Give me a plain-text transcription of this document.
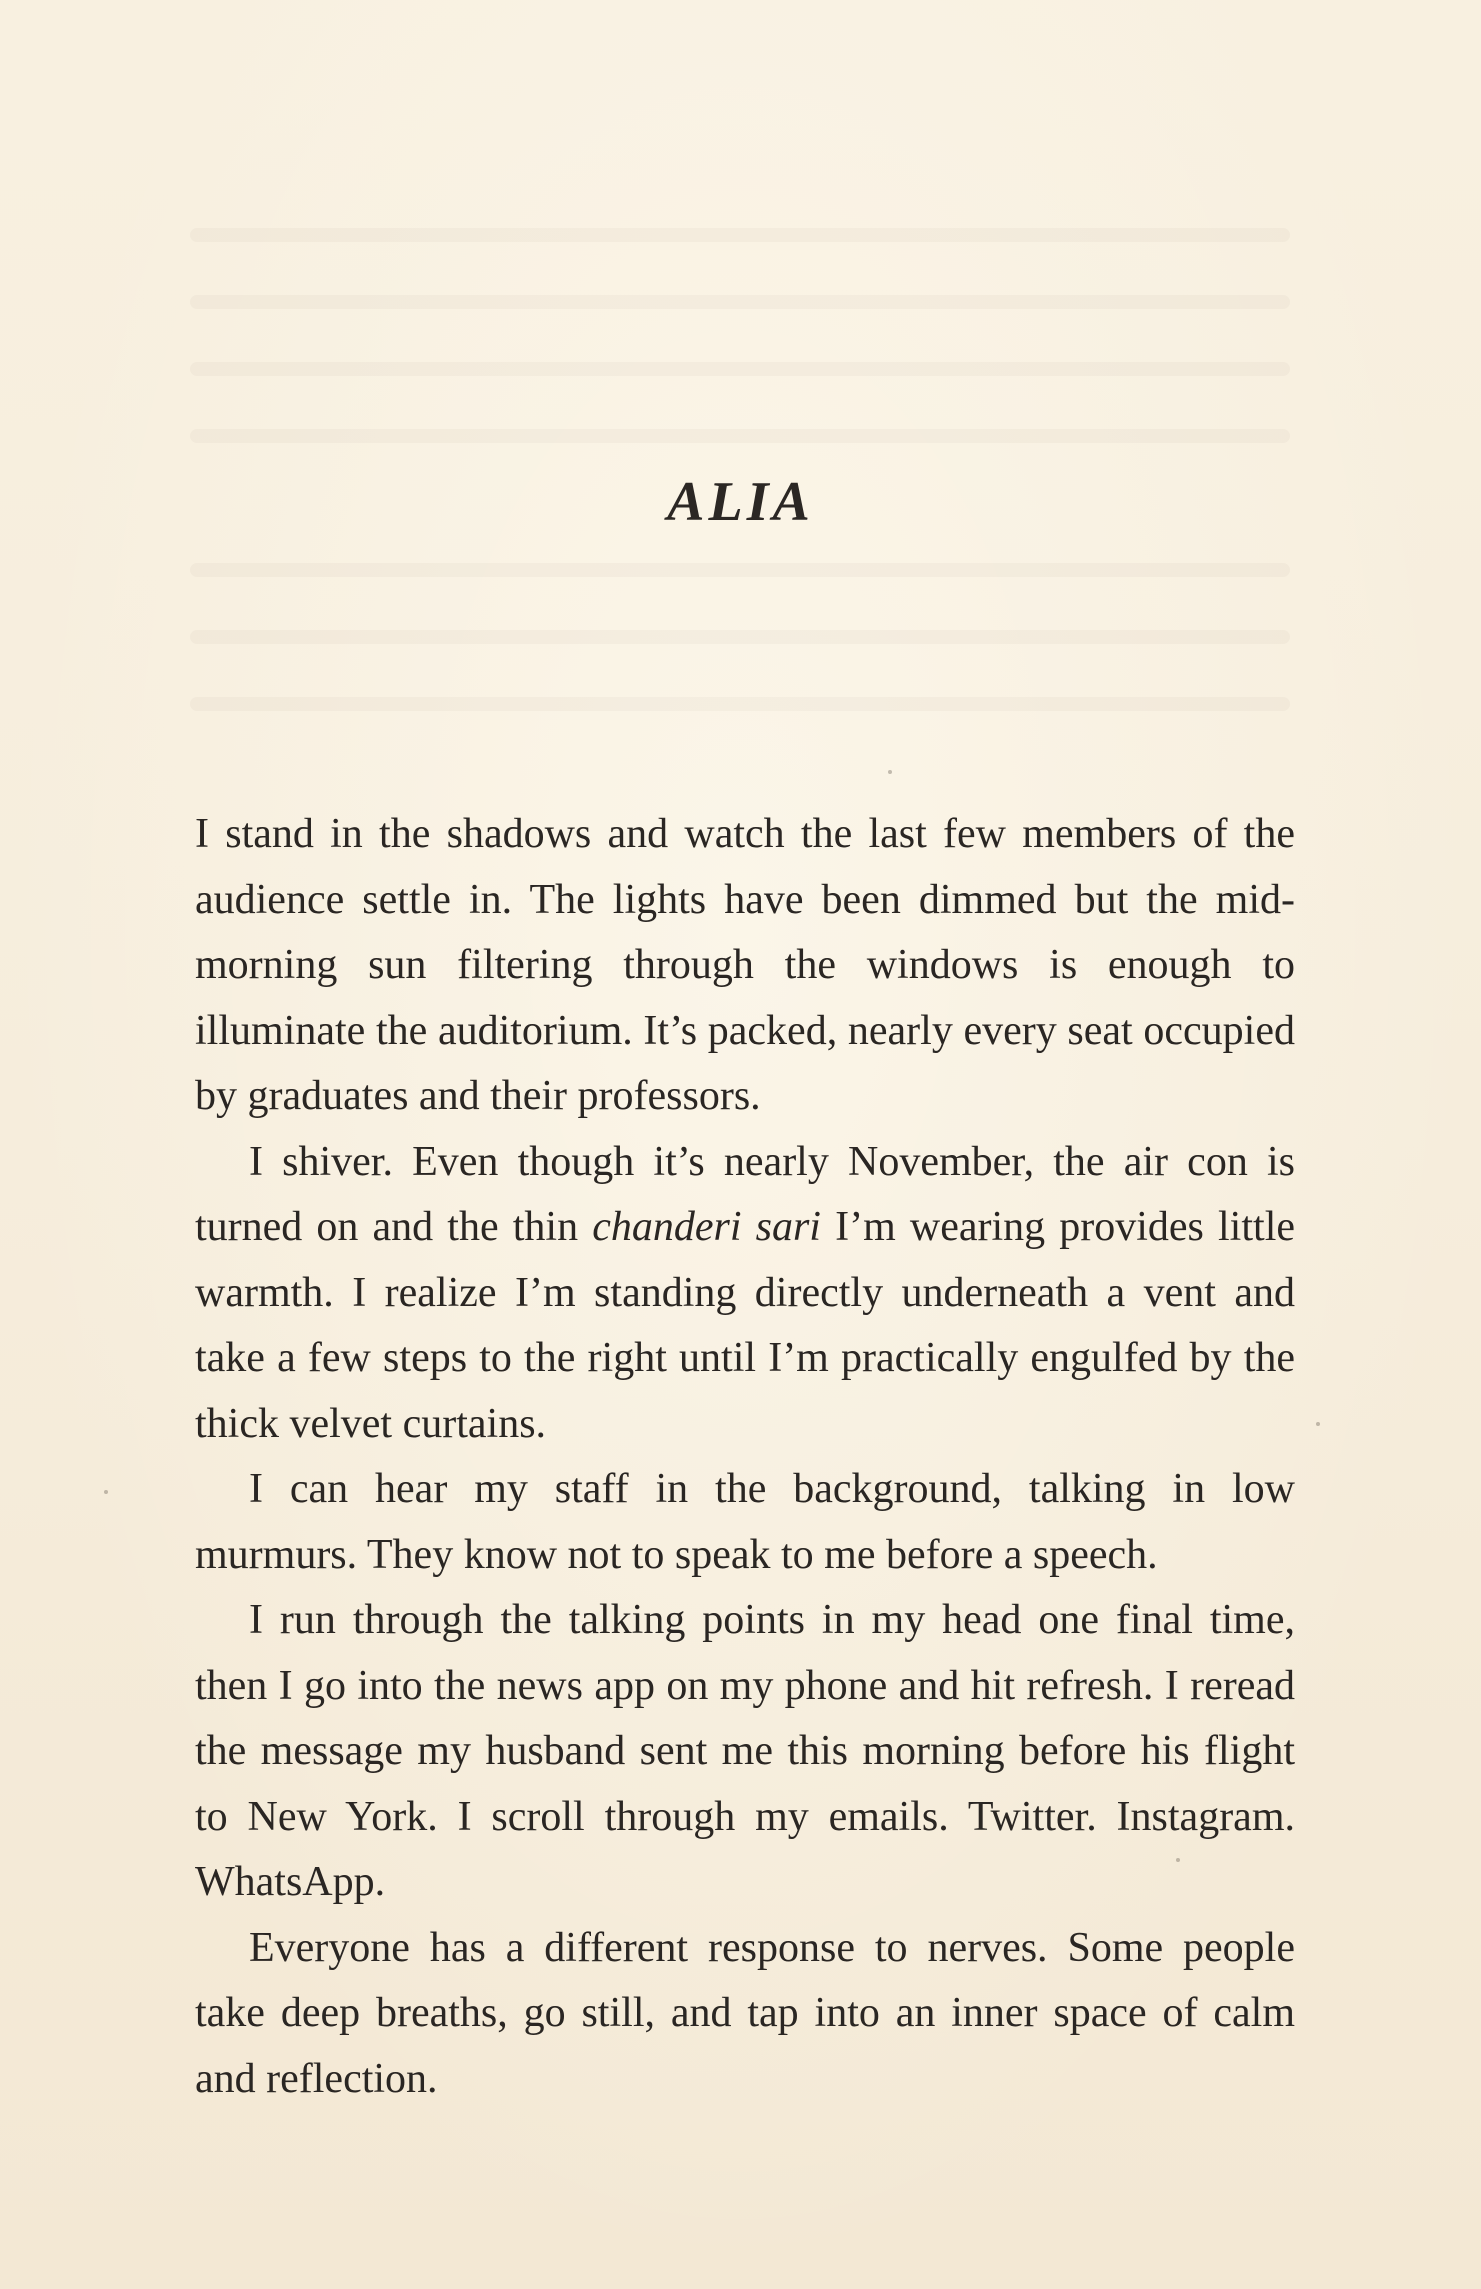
ALIA

I stand in the shadows and watch the last few members of the audience settle in. The lights have been dimmed but the mid-morning sun filtering through the windows is enough to illuminate the auditorium. It’s packed, nearly every seat occupied by graduates and their professors.

I shiver. Even though it’s nearly November, the air con is turned on and the thin chanderi sari I’m wearing provides little warmth. I realize I’m standing directly underneath a vent and take a few steps to the right until I’m practically engulfed by the thick velvet curtains.

I can hear my staff in the background, talking in low murmurs. They know not to speak to me before a speech.

I run through the talking points in my head one final time, then I go into the news app on my phone and hit refresh. I reread the message my husband sent me this morning before his flight to New York. I scroll through my emails. Twitter. Instagram. WhatsApp.

Everyone has a different response to nerves. Some people take deep breaths, go still, and tap into an inner space of calm and reflection.
